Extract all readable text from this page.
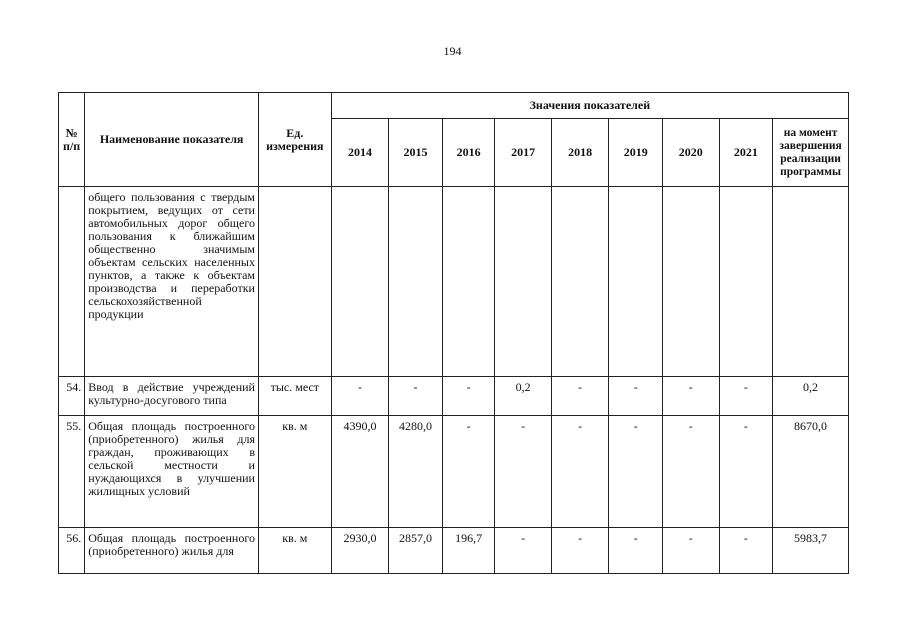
194
№ п/п	Наименование показателя	Ед. измерения	Значения показателей								
			2014	2015	2016	2017	2018	2019	2020	2021	на момент завершения реализации программы
	общего пользования с твердым покрытием, ведущих от сети автомобильных дорог общего пользования к ближайшим общественно значимым объектам сельских населенных пунктов, а также к объектам производства и переработки сельскохозяйственной продукции										
54.	Ввод в действие учреждений культурно-досугового типа	тыс. мест	-	-	-	0,2	-	-	-	-	0,2
55.	Общая площадь построенного (приобретенного) жилья для граждан, проживающих в сельской местности и нуждающихся в улучшении жилищных условий	кв. м	4390,0	4280,0	-	-	-	-	-	-	8670,0
56.	Общая площадь построенного (приобретенного) жилья для	кв. м	2930,0	2857,0	196,7	-	-	-	-	-	5983,7
